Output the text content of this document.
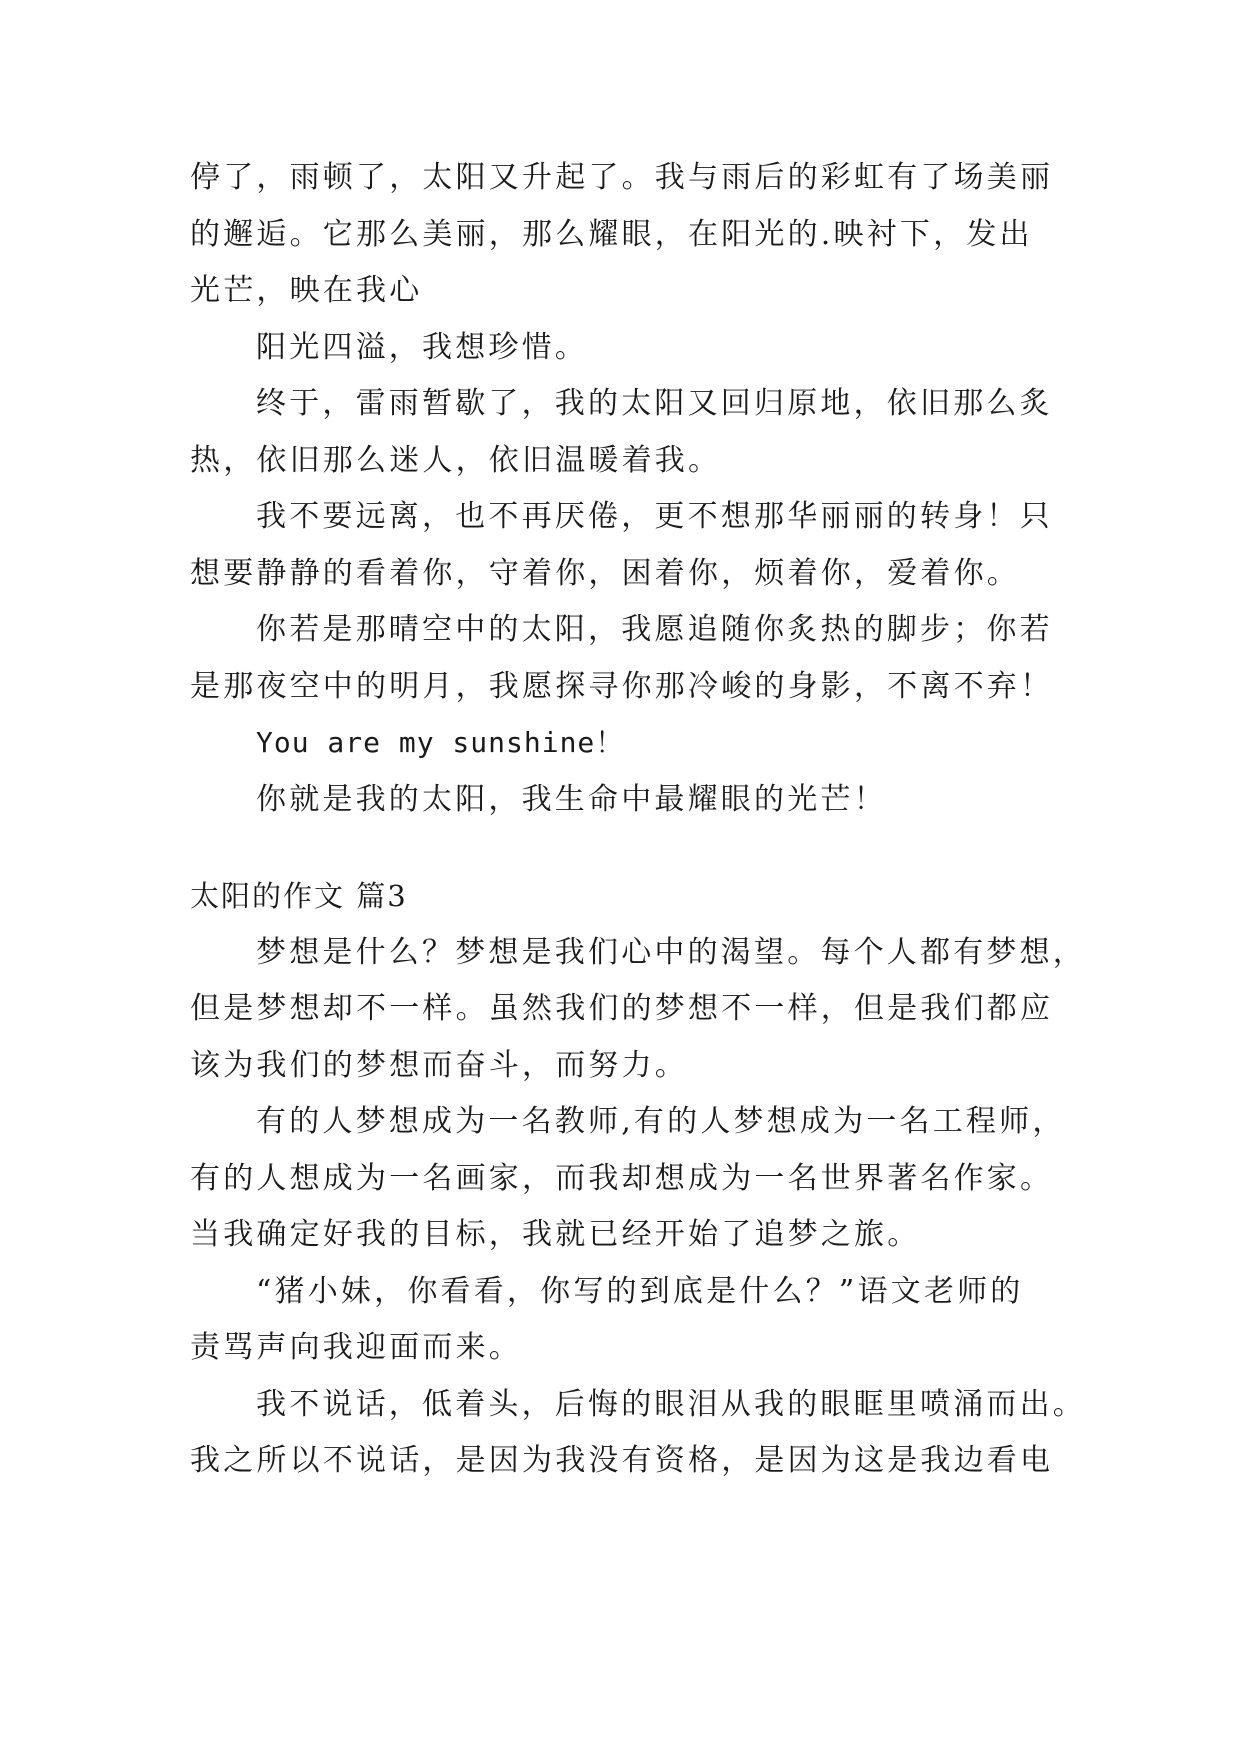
停了，雨顿了，太阳又升起了。我与雨后的彩虹有了场美丽
的邂逅。它那么美丽，那么耀眼，在阳光的.映衬下，发出
光芒，映在我心
阳光四溢，我想珍惜。
终于，雷雨暂歇了，我的太阳又回归原地，依旧那么炙
热，依旧那么迷人，依旧温暖着我。
我不要远离，也不再厌倦，更不想那华丽丽的转身！只
想要静静的看着你，守着你，困着你，烦着你，爱着你。
你若是那晴空中的太阳，我愿追随你炙热的脚步；你若
是那夜空中的明月，我愿探寻你那冷峻的身影，不离不弃！
You are my sunshine！
你就是我的太阳，我生命中最耀眼的光芒！
太阳的作文 篇3
梦想是什么？梦想是我们心中的渴望。每个人都有梦想，
但是梦想却不一样。虽然我们的梦想不一样，但是我们都应
该为我们的梦想而奋斗，而努力。
有的人梦想成为一名教师,有的人梦想成为一名工程师，
有的人想成为一名画家，而我却想成为一名世界著名作家。
当我确定好我的目标，我就已经开始了追梦之旅。
“猪小妹，你看看，你写的到底是什么？”语文老师的
责骂声向我迎面而来。
我不说话，低着头，后悔的眼泪从我的眼眶里喷涌而出。
我之所以不说话，是因为我没有资格，是因为这是我边看电
